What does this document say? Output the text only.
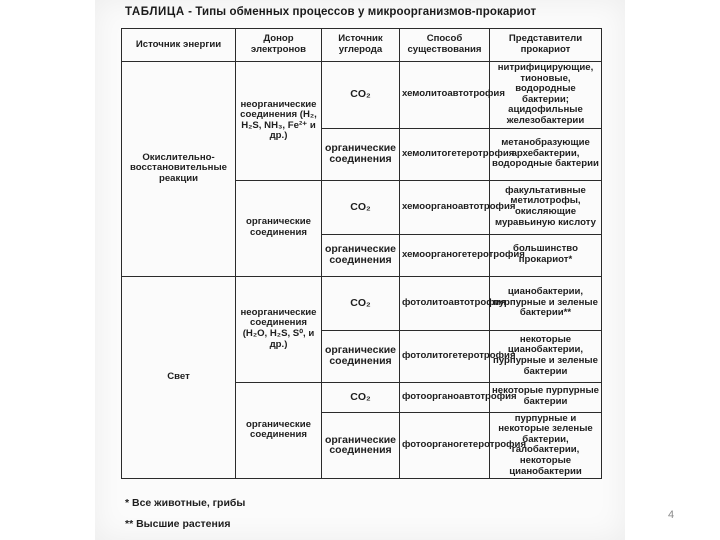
ТАБЛИЦА - Типы обменных процессов у микроорганизмов-прокариот
Источник энергии	Донор электронов	Источник углерода	Способ существования	Представители прокариот
Окислительно-восстановительные реакции	неорганические соединения (H₂, H₂S, NH₃, Fe²⁺ и др.)	CO₂	хемолитоавтотрофия	нитрифицирующие, тионовые, водородные бактерии; ацидофильные железобактерии
		органические соединения	хемолитогетеротрофия	метанобразующие архебактерии, водородные бактерии
	органические соединения	CO₂	хемоорганоавтотрофия	факультативные метилотрофы, окисляющие муравьиную кислоту
		органические соединения	хемоорганогетеротрофия	большинство прокариот*
Свет	неорганические соединения (H₂O, H₂S, S⁰, и др.)	CO₂	фотолитоавтотрофия	цианобактерии, пурпурные и зеленые бактерии**
		органические соединения	фотолитогетеротрофия	некоторые цианобактерии, пурпурные и зеленые бактерии
	органические соединения	CO₂	фотоорганоавтотрофия	некоторые пурпурные бактерии
		органические соединения	фотоорганогетеротрофия	пурпурные и некоторые зеленые бактерии, галобактерии, некоторые цианобактерии
* Все животные, грибы
** Высшие растения
4
